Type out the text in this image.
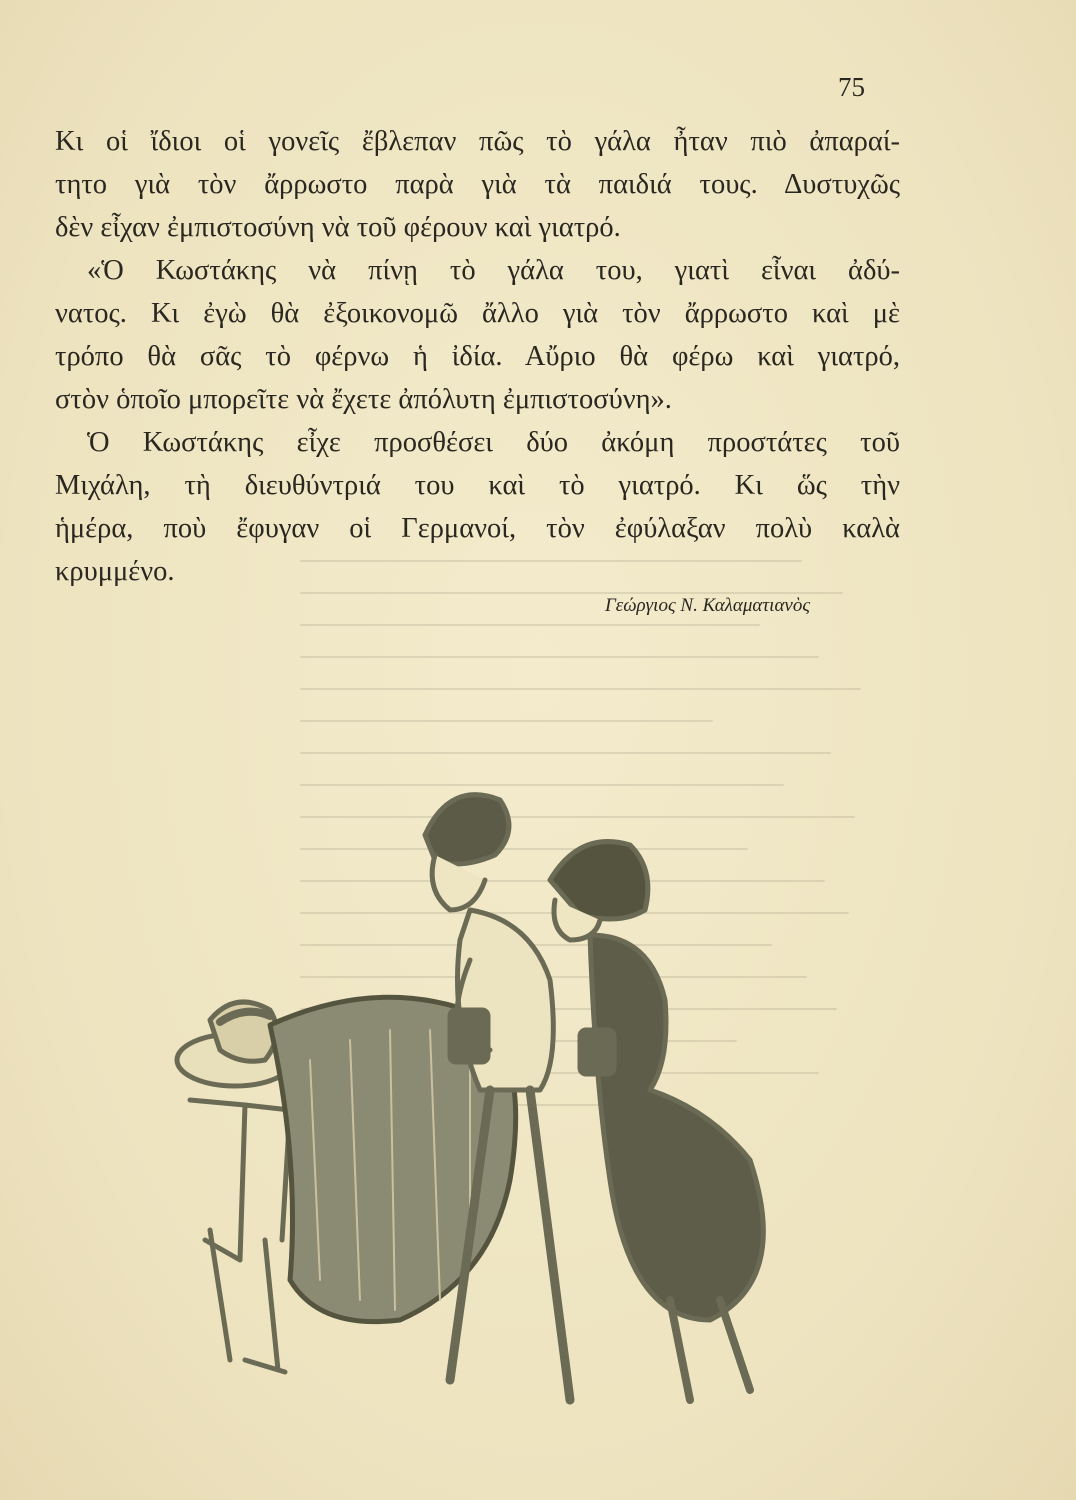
75

Κι οἱ ἴδιοι οἱ γονεῖς ἔβλεπαν πῶς τὸ γάλα ἦταν πιὸ ἀπαραί-
τητο γιὰ τὸν ἄρρωστο παρὰ γιὰ τὰ παιδιά τους. Δυστυχῶς
δὲν εἶχαν ἐμπιστοσύνη νὰ τοῦ φέρουν καὶ γιατρό.

«Ὁ Κωστάκης νὰ πίνῃ τὸ γάλα του, γιατὶ εἶναι ἀδύ-
νατος. Κι ἐγὼ θὰ ἐξοικονομῶ ἄλλο γιὰ τὸν ἄρρωστο καὶ μὲ
τρόπο θὰ σᾶς τὸ φέρνω ἡ ἰδία. Αὔριο θὰ φέρω καὶ γιατρό,
στὸν ὁποῖο μπορεῖτε νὰ ἔχετε ἀπόλυτη ἐμπιστοσύνη».

Ὁ Κωστάκης εἶχε προσθέσει δύο ἀκόμη προστάτες τοῦ
Μιχάλη, τὴ διευθύντριά του καὶ τὸ γιατρό. Κι ὥς τὴν
ἡμέρα, ποὺ ἔφυγαν οἱ Γερμανοί, τὸν ἐφύλαξαν πολὺ καλὰ
κρυμμένο.

Γεώργιος Ν. Καλαματιανὸς
